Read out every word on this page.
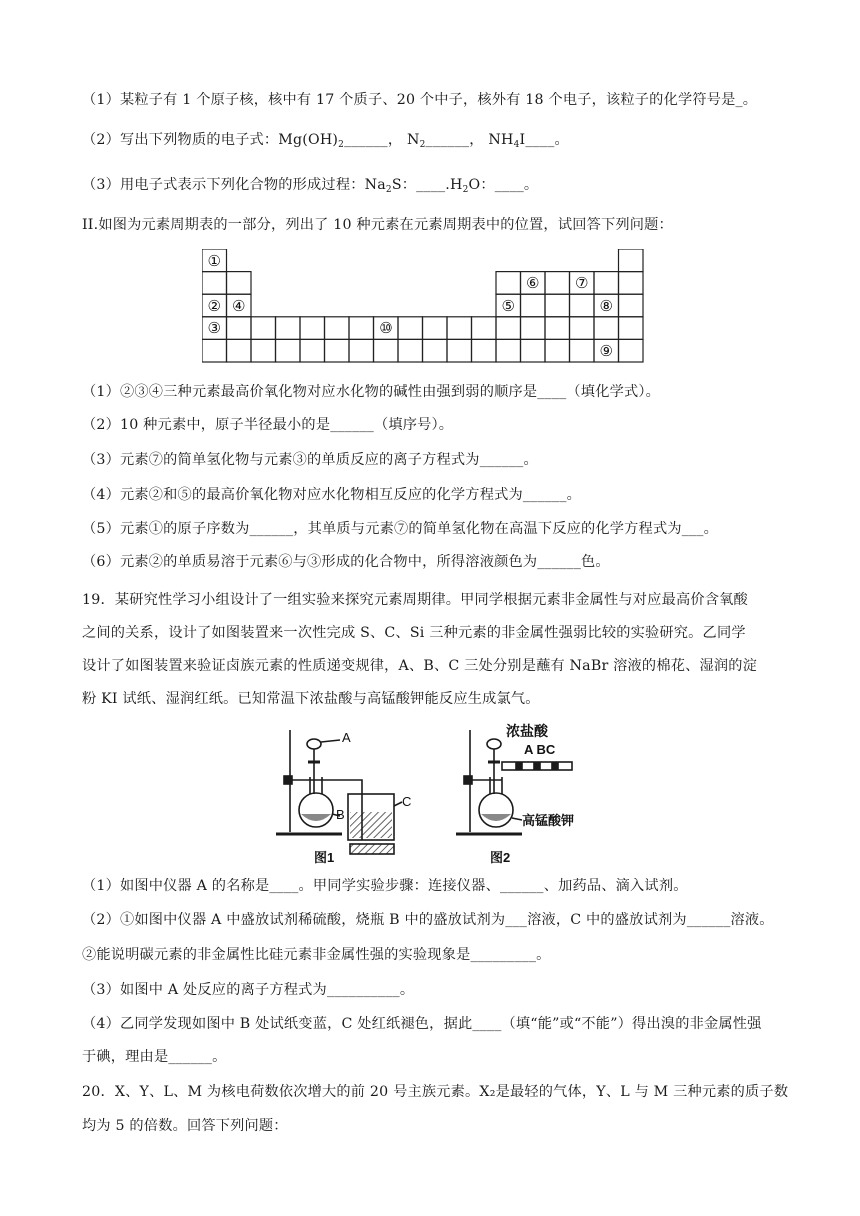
（1）某粒子有 1 个原子核，核中有 17 个质子、20 个中子，核外有 18 个电子，该粒子的化学符号是_。
（2）写出下列物质的电子式：$Mg(OH)_2\_\_\_\_\_\_$， $N_2\_\_\_\_\_\_$， $NH_4I\_\_\_\_$。
（3）用电子式表示下列化合物的形成过程：$Na_2S$：$\_\_\_\_.H_2O$：____。
II.如图为元素周期表的一部分，列出了 10 种元素在元素周期表中的位置，试回答下列问题：
①
② ④
③	⑩
⑥ ⑦
⑤	⑧
⑨
（1）②③④三种元素最高价氧化物对应水化物的碱性由强到弱的顺序是____（填化学式）。
（2）10 种元素中，原子半径最小的是______（填序号）。
（3）元素⑦的简单氢化物与元素③的单质反应的离子方程式为______。
（4）元素②和⑤的最高价氧化物对应水化物相互反应的化学方程式为______。
（5）元素①的原子序数为______，其单质与元素⑦的简单氢化物在高温下反应的化学方程式为___。
（6）元素②的单质易溶于元素⑥与③形成的化合物中，所得溶液颜色为______色。
19．某研究性学习小组设计了一组实验来探究元素周期律。甲同学根据元素非金属性与对应最高价含氧酸
之间的关系，设计了如图装置来一次性完成 S、C、Si 三种元素的非金属性强弱比较的实验研究。乙同学
设计了如图装置来验证卤族元素的性质递变规律，A、B、C 三处分别是蘸有 NaBr 溶液的棉花、湿润的淀
粉 KI 试纸、湿润红纸。已知常温下浓盐酸与高锰酸钾能反应生成氯气。
A
B
C
图1
浓盐酸
A BC
高锰酸钾
图2
（1）如图中仪器 A 的名称是____。甲同学实验步骤：连接仪器、______、加药品、滴入试剂。
（2）①如图中仪器 A 中盛放试剂稀硫酸，烧瓶 B 中的盛放试剂为___溶液，C 中的盛放试剂为______溶液。
②能说明碳元素的非金属性比硅元素非金属性强的实验现象是_________。
（3）如图中 A 处反应的离子方程式为__________。
（4）乙同学发现如图中 B 处试纸变蓝，C 处红纸褪色，据此____（填“能”或“不能”）得出溴的非金属性强
于碘，理由是______。
20．X、Y、L、M 为核电荷数依次增大的前 20 号主族元素。X₂是最轻的气体，Y、L 与 M 三种元素的质子数
均为 5 的倍数。回答下列问题：
